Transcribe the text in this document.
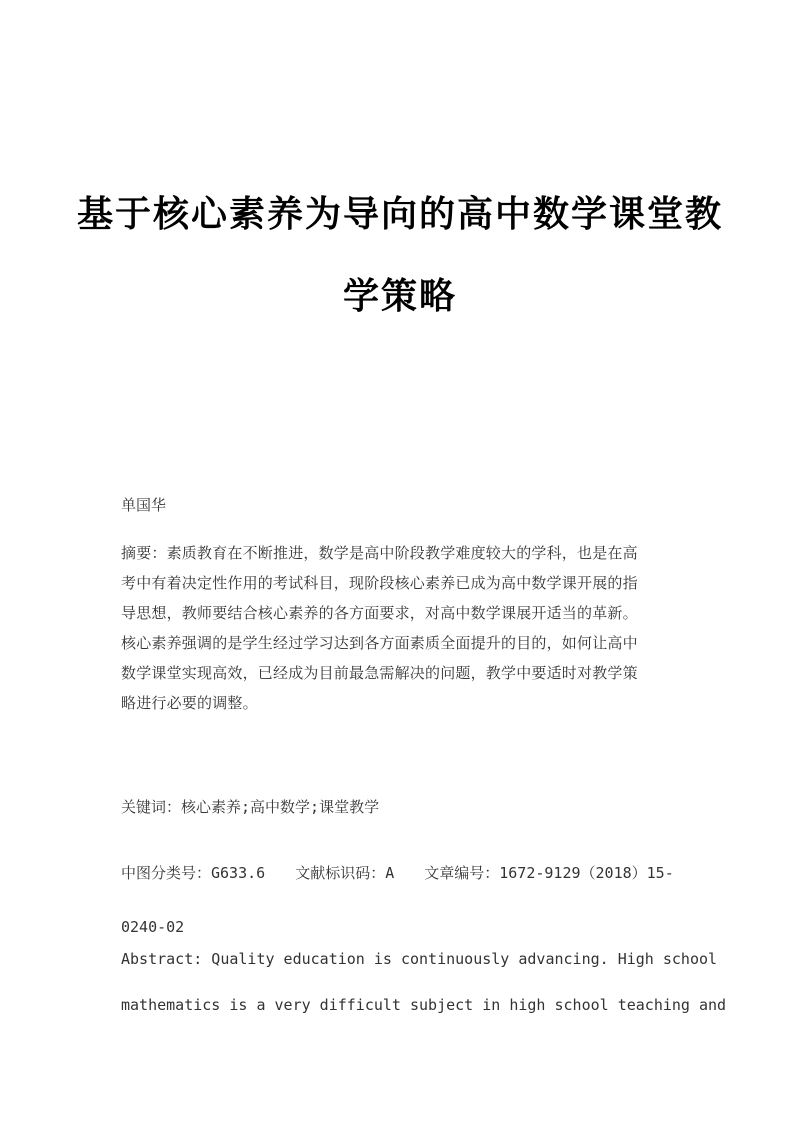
基于核心素养为导向的高中数学课堂教
学策略
单国华
摘要：素质教育在不断推进，数学是高中阶段教学难度较大的学科，也是在高
考中有着决定性作用的考试科目，现阶段核心素养已成为高中数学课开展的指
导思想，教师要结合核心素养的各方面要求，对高中数学课展开适当的革新。
核心素养强调的是学生经过学习达到各方面素质全面提升的目的，如何让高中
数学课堂实现高效，已经成为目前最急需解决的问题，教学中要适时对教学策
略进行必要的调整。
关键词：核心素养;高中数学;课堂教学
中图分类号：G633.6 文献标识码：A 文章编号：1672-9129（2018）15-
0240-02
Abstract: Quality education is continuously advancing. High school
mathematics is a very difficult subject in high school teaching and
